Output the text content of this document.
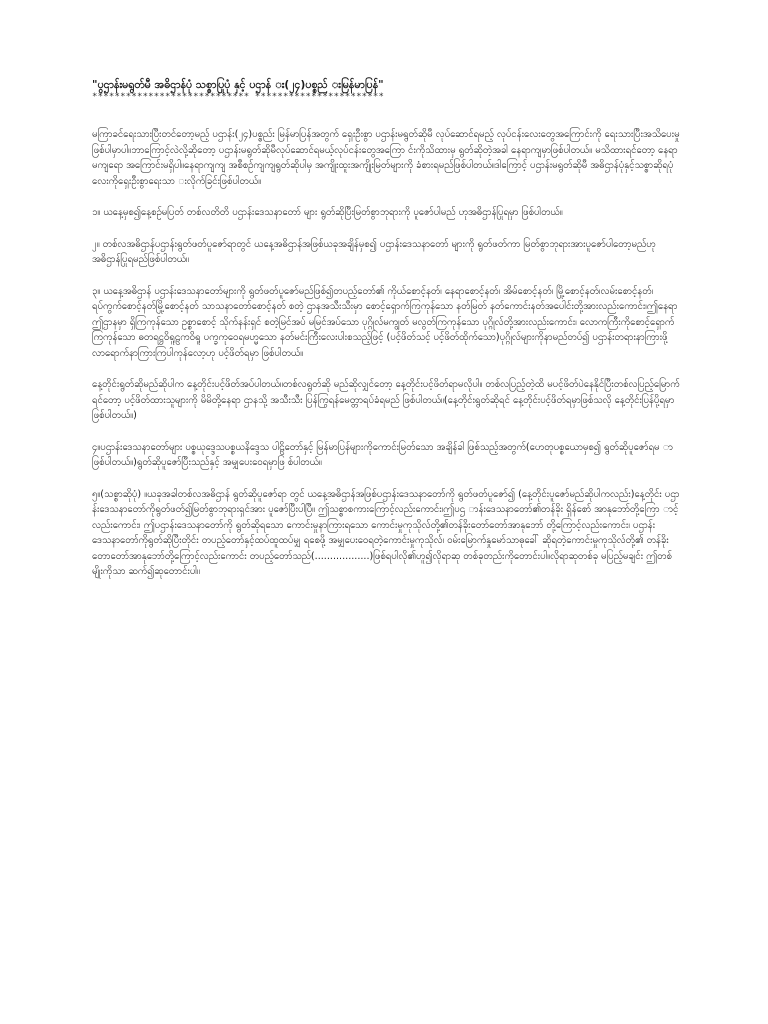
"ပွဌာန်းမရွတ်မီ အဓိဌာန်ပုံ သစ္စာပြုပုံ နှင့် ပဌာန် း(၂၄)ပစ္စည် းမြန်မာပြန်"

**************************** ***********************

မကြာခင်ရေးသားပြီးတင်တော့မည့် ပဌာန်း(၂၄)ပစ္စည်း မြန်မာပြန်အတွက် ရှေးဦးစွာ ပဌာန်းမရွတ်ဆိုမီ လုပ်ဆောင်ရမည့် လုပ်ငန်းလေးတွေအကြောင်းကို ရေးသားပြီးအသိပေးမှုဖြစ်ပါမှာပါ။ဘာကြောင့်လဲလို့ဆိုတော့ ပဌာန်းမရွတ်ဆိုမီလုပ်ဆောင်ရမယ့်လုပ်ငန်းတွေအကြော င်းကိုသိထားမှ ရွတ်ဆိုတဲ့အခါ နေရာကျမှာဖြစ်ပါတယ်။ မသိထားရင်တော့ နေရာမကျရော အကြောင်းမရှိပါ။နေရာကျကျ အစီစဉ်ကျကျရွတ်ဆိုပါမှ အကျိုးထူးအကျိုးမြတ်များကို ခံစားရမည်ဖြစ်ပါတယ်။ဒါကြောင့် ပဌာန်းမရွတ်ဆိုမီ အဓိဌာန်ပုံနှင့်သစ္စာဆိုရပုံလေးကိုရှေးဦးစွာရေးသာ းလိုက်ခြင်းဖြစ်ပါတယ်။

၁။ ယနေ့မှစ၍နေ့စဉ်မပြတ် တစ်လတိတိ ပဌာန်းဒေသနာတော် များ ရွတ်ဆိုပြီးမြတ်စွာဘုရားကို ပူဇော်ပါမည် ဟုအဓိဌာန်ပြုရမှာ ဖြစ်ပါတယ်။

၂။ တစ်လအဓိဌာန်ပဌာန်းရွတ်ဖတ်ပူဇော်ရာတွင် ယနေ့အဓိဌာန်အဖြစ်ယခုအချိန်မှစ၍ ပဌာန်းဒေသနာတော် များကို ရွတ်ဖတ်ကာ မြတ်စွာဘုရားအားပူဇော်ပါတော့မည်ဟု အဓိဌာန်ပြုရမည်ဖြစ်ပါတယ်။

၃။ ယနေ့အဓိဌာန် ပဌာန်းဒေသနာတော်များကို ရွတ်ဖတ်ပူဇော်မည်ဖြစ်၍တပည့်တော်၏ ကိုယ်စောင့်နတ်၊ နေရာစောင့်နတ်၊ အိမ်စောင့်နတ်၊ မြို့စောင့်နတ်၊လမ်းစောင့်နတ်၊ ရပ်ကွက်စောင့်နတ်မြို့စောင့်နတ် သာသနာတော်စောင့်နတ် စတဲ့ ဌာနအသီးသီးမှာ စောင့်ရှောက်ကြကုန်သော နတ်မြတ် နတ်ကောင်းနတ်အပေါင်းတို့အားလည်းကောင်း၊ဤနေရာ ဤဌာနမှာ ရှိကြကုန်သော ဥစ္စာစောင့် သိုက်နန်းရှင် စတဲ့မြင်အပ် မမြင်အပ်သော ပုဂ္ဂိုလ်မကျွတ် မလွတ်ကြကုန်သော ပုဂ္ဂိုလ်တို့အားလည်းကောင်း၊ လောကကြီးကိုစောင့်ရှောက်ကြကုန်သော ဓတရဋ္ဌဝိရူဠကဝိရူ ပက္ခကုဝေရမဟ္မသော နတ်မင်းကြီးလေးပါးစသည့်ဖြင့် (ပင့်ဖိတ်သင့် ပင့်ဖိတ်ထိုက်သော)ပုဂ္ဂိုလ်များကိုနာမည်တပ်၍ ပဌာန်းတရားနာကြားဖို့လာရောက်နာကြားကြပါကုန်လော့ဟု ပင့်ဖိတ်ရမှာ ဖြစ်ပါတယ်။

နေ့တိုင်းရွတ်ဆိုမည်ဆိုပါက နေ့တိုင်းပင့်ဖိတ်အပ်ပါတယ်။တစ်လရွတ်ဆို မည်ဆိုလျှင်တော့ နေ့တိုင်းပင့်ဖိတ်ရာမလိုပါ။ တစ်လပြည့်တဲ့ထိ မပင့်ဖိတ်ပဲနေနိုင်ပြီးတစ်လပြည့်မြောက်ရင်တော့ ပင့်ဖိတ်ထားသူများကို မိမိတို့နေရာ ဌာနသို့ အသီးသီး ပြန်ကြွရန်မေတ္တာရပ်ခံရမည် ဖြစ်ပါတယ်။(နေ့တိုင်းရွတ်ဆိုရင် နေ့တိုင်းပင့်ဖိတ်ရမှာဖြစ်သလို နေ့တိုင်းပြန်ပို့ရမှာဖြစ်ပါတယ်။)

၄။ပဌာန်းဒေသနာတော်များ ပစ္စယုဒ္ဒေသပစ္စယနိဒ္ဒေသ ပါဠိတော်နှင့် မြန်မာပြန်များကိုကောင်းမြတ်သော အချိန်ခါ ဖြစ်သည့်အတွက်(ဟေတုပစ္စယောမှစ၍ ရွတ်ဆိုပူဇော်ရမ ာဖြစ်ပါတယ်။)ရွတ်ဆိုပူဇော်ပြီးသည်နှင့် အမျှပေးဝေရမှာဖြ စ်ပါတယ်။

၅။(သစ္စာဆိုပုံ) ။ယခုအခါတစ်လအဓိဌာန် ရွတ်ဆိုပူဇော်ရာ တွင် ယနေ့အဓိဌာန်အဖြစ်ပဌာန်းဒေသနာတော်ကို ရွတ်ဖတ်ပူဇော်၍ (နေ့တိုင်းပူဇော်မည်ဆိုပါကလည်း)နေ့တိုင်း ပဌာန်းဒေသနာတော်ကိုရွတ်ဖတ်၍မြတ်စွာဘုရားရှင်အား ပူဇော်ပြီးပါပြီ။ ဤသစ္စာစကားကြောင့်လည်းကောင်း၊ဤပဌ ာန်းဒေသနာတော်၏တန်ခိုး ရှိန်စော် အာနုဘော်တို့ကြော ာင့်လည်းကောင်း၊ ဤပဌာန်းဒေသနာတော်ကို ရွတ်ဆိုရသော ကောင်းမှုနာကြားရသော ကောင်းမှုကုသိုလ်တို့၏တန်ခိုးတော်တော်အာနုဘော် တို့ကြောင့်လည်းကောင်း၊ ပဌာန်းဒေသနာတော်ကိုရွတ်ဆိုပြီးတိုင်း တပည့်တော်နှင့်ထပ်ထူထပ်မျှ ရစေဖို့ အမျှပေးဝေရတဲ့ကောင်းမှုကုသိုလ်၊ ဝမ်းမြောက်နှုမော်သာဓုခေါ် ဆိုရတဲ့ကောင်းမှုကုသိုလ်တို့၏ တန်ခိုးတောတော်အာနုဘော်တို့ကြောင့်လည်းကောင်း တပည့်တော်သည်(..................)ဖြစ်ရပါလို၏ဟူ၍လိုရာဆု တစ်ခုတည်းကိုတောင်းပါ။လိုရာဆုတစ်ခု မပြည့်မချင်း ဤတစ်မျိုးကိုသာ ဆက်၍ဆုတောင်းပါ။
